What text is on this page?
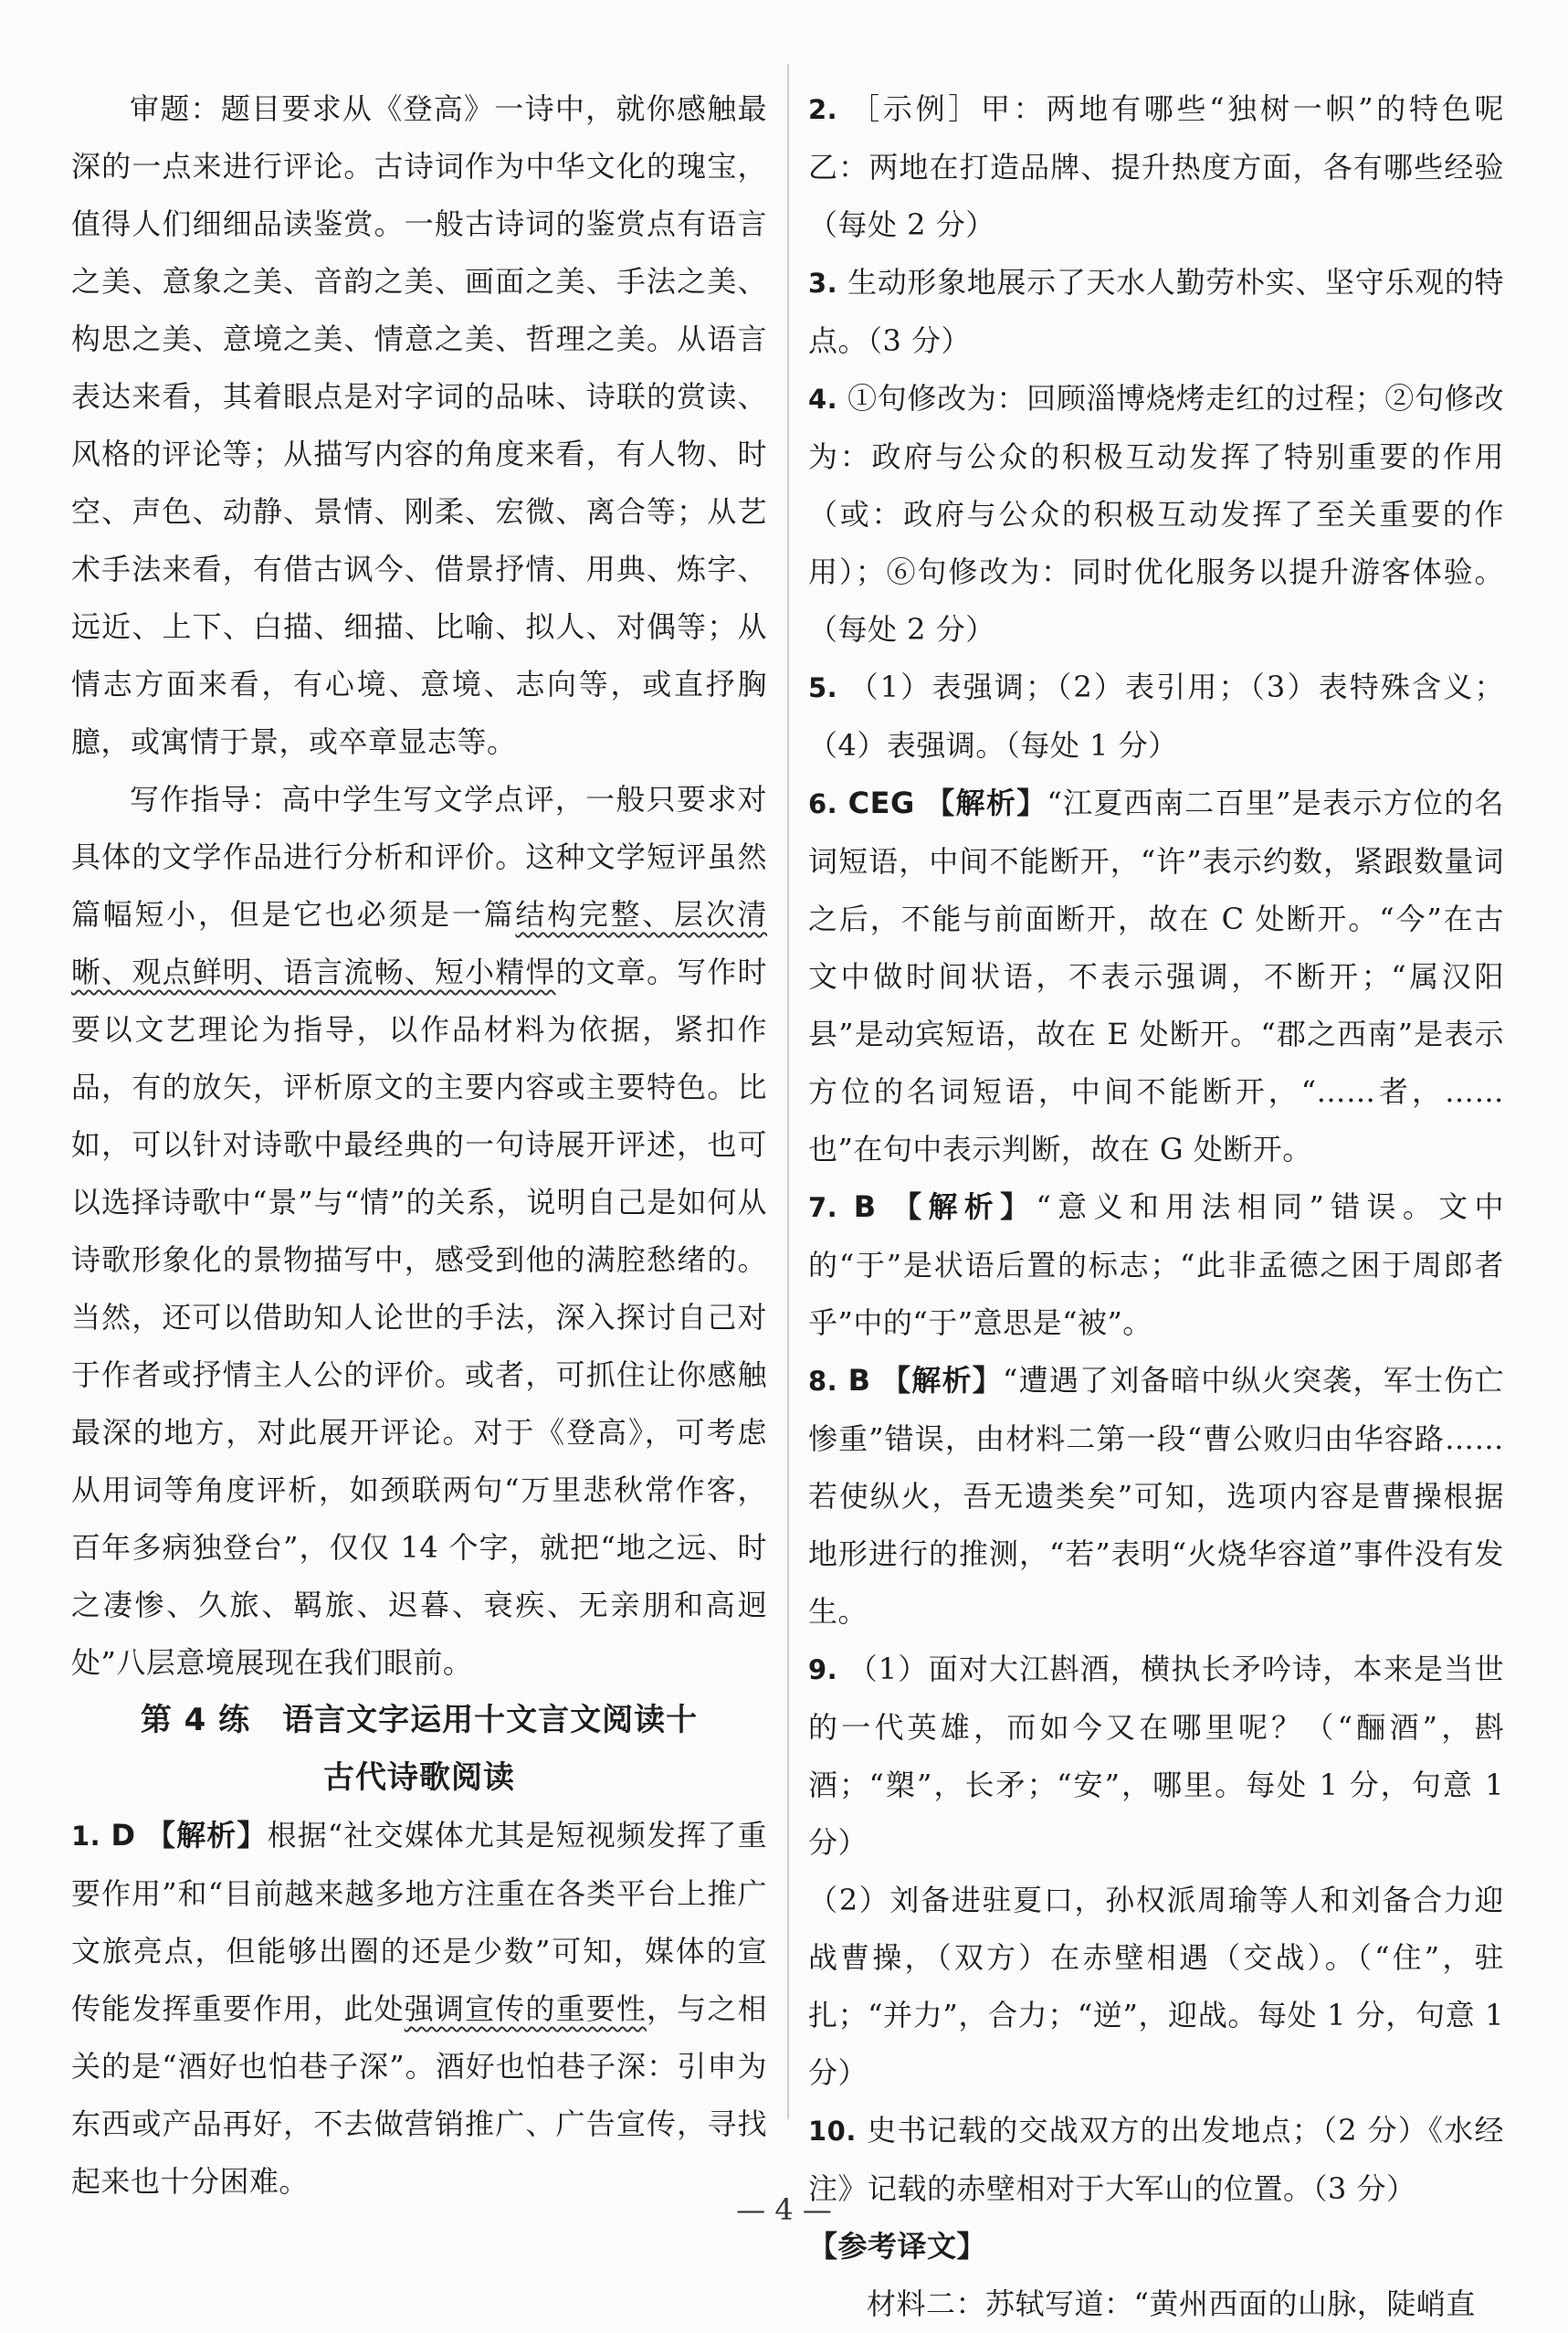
审题：题目要求从《登高》一诗中，就你感触最深的一点来进行评论。古诗词作为中华文化的瑰宝，值得人们细细品读鉴赏。一般古诗词的鉴赏点有语言之美、意象之美、音韵之美、画面之美、手法之美、构思之美、意境之美、情意之美、哲理之美。从语言表达来看，其着眼点是对字词的品味、诗联的赏读、风格的评论等；从描写内容的角度来看，有人物、时空、声色、动静、景情、刚柔、宏微、离合等；从艺术手法来看，有借古讽今、借景抒情、用典、炼字、远近、上下、白描、细描、比喻、拟人、对偶等；从情志方面来看，有心境、意境、志向等，或直抒胸臆，或寓情于景，或卒章显志等。

写作指导：高中学生写文学点评，一般只要求对具体的文学作品进行分析和评价。这种文学短评虽然篇幅短小，但是它也必须是一篇结构完整、层次清晰、观点鲜明、语言流畅、短小精悍的文章。写作时要以文艺理论为指导，以作品材料为依据，紧扣作品，有的放矢，评析原文的主要内容或主要特色。比如，可以针对诗歌中最经典的一句诗展开评述，也可以选择诗歌中“景”与“情”的关系，说明自己是如何从诗歌形象化的景物描写中，感受到他的满腔愁绪的。当然，还可以借助知人论世的手法，深入探讨自己对于作者或抒情主人公的评价。或者，可抓住让你感触最深的地方，对此展开评论。对于《登高》，可考虑从用词等角度评析，如颈联两句“万里悲秋常作客，百年多病独登台”，仅仅 14 个字，就把“地之远、时之凄惨、久旅、羁旅、迟暮、衰疾、无亲朋和高迥处”八层意境展现在我们眼前。

第 4 练　语言文字运用十文言文阅读十
古代诗歌阅读

1. D 【解析】根据“社交媒体尤其是短视频发挥了重要作用”和“目前越来越多地方注重在各类平台上推广文旅亮点，但能够出圈的还是少数”可知，媒体的宣传能发挥重要作用，此处强调宣传的重要性，与之相关的是“酒好也怕巷子深”。酒好也怕巷子深：引申为东西或产品再好，不去做营销推广、广告宣传，寻找起来也十分困难。

2. ［示例］甲：两地有哪些“独树一帜”的特色呢　乙：两地在打造品牌、提升热度方面，各有哪些经验（每处 2 分）

3. 生动形象地展示了天水人勤劳朴实、坚守乐观的特点。（3 分）

4. ①句修改为：回顾淄博烧烤走红的过程；②句修改为：政府与公众的积极互动发挥了特别重要的作用（或：政府与公众的积极互动发挥了至关重要的作用）；⑥句修改为：同时优化服务以提升游客体验。（每处 2 分）

5. （1）表强调；（2）表引用；（3）表特殊含义；（4）表强调。（每处 1 分）

6. CEG 【解析】“江夏西南二百里”是表示方位的名词短语，中间不能断开，“许”表示约数，紧跟数量词之后，不能与前面断开，故在 C 处断开。“今”在古文中做时间状语，不表示强调，不断开；“属汉阳县”是动宾短语，故在 E 处断开。“郡之西南”是表示方位的名词短语，中间不能断开，“……者，……也”在句中表示判断，故在 G 处断开。

7. B 【解析】“意义和用法相同”错误。文中的“于”是状语后置的标志；“此非孟德之困于周郎者乎”中的“于”意思是“被”。

8. B 【解析】“遭遇了刘备暗中纵火突袭，军士伤亡惨重”错误，由材料二第一段“曹公败归由华容路……若使纵火，吾无遗类矣”可知，选项内容是曹操根据地形进行的推测，“若”表明“火烧华容道”事件没有发生。

9. （1）面对大江斟酒，横执长矛吟诗，本来是当世的一代英雄，而如今又在哪里呢？（“酾酒”，斟酒；“槊”，长矛；“安”，哪里。每处 1 分，句意 1 分）

（2）刘备进驻夏口，孙权派周瑜等人和刘备合力迎战曹操，（双方）在赤壁相遇（交战）。（“住”，驻扎；“并力”，合力；“逆”，迎战。每处 1 分，句意 1 分）

10. 史书记载的交战双方的出发地点；（2 分）《水经注》记载的赤壁相对于大军山的位置。（3 分）

【参考译文】

材料二：苏轼写道：“黄州西面的山脉，陡峭直

— 4 —
